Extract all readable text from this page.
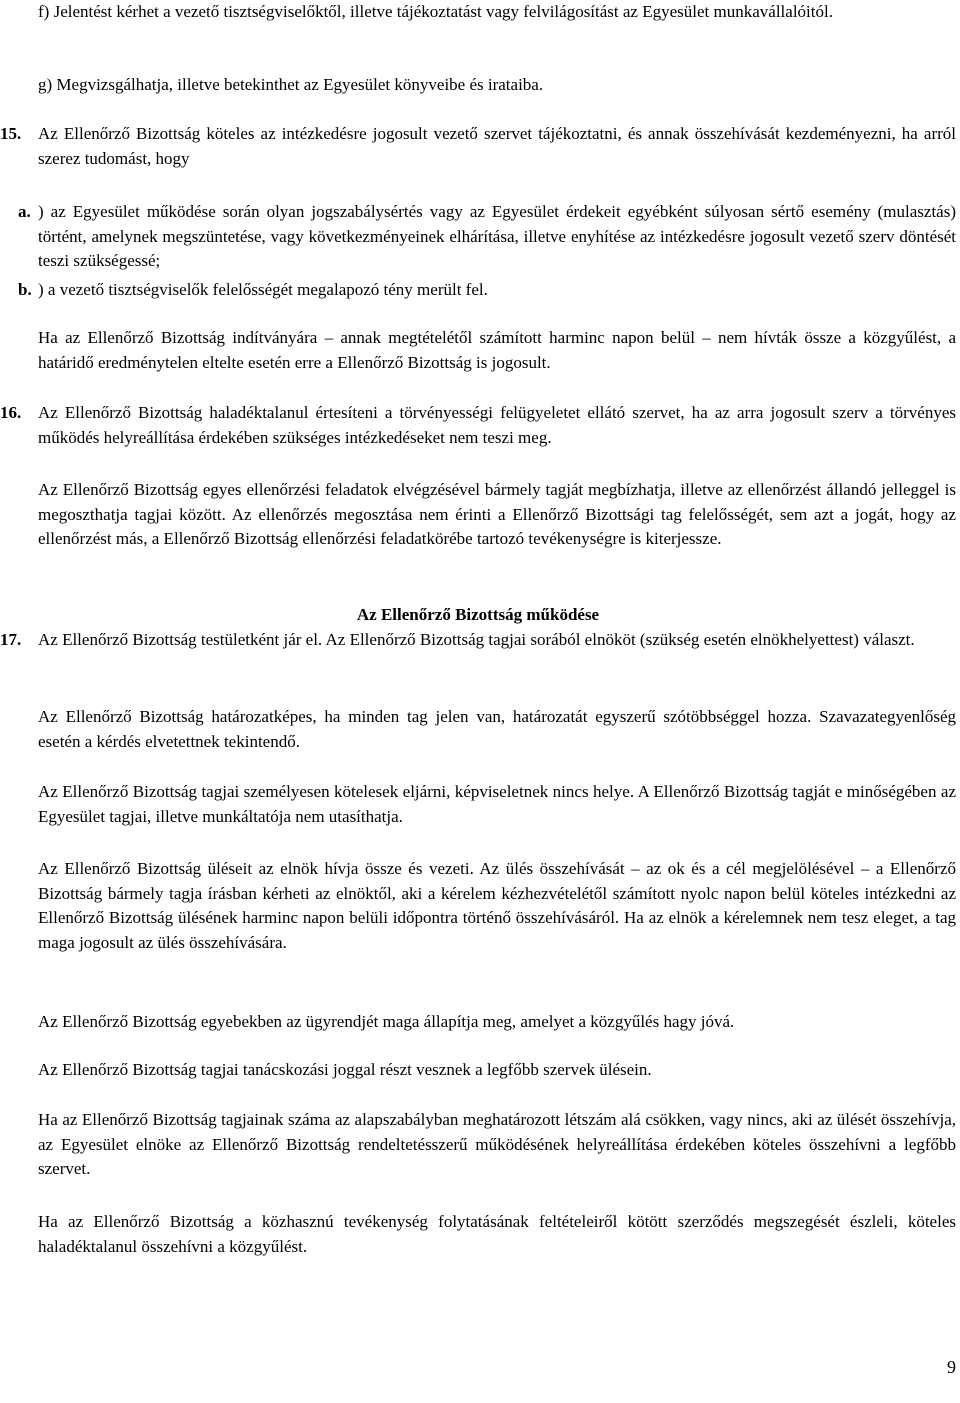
f) Jelentést kérhet a vezető tisztségviselőktől, illetve tájékoztatást vagy felvilágosítást az Egyesület munkavállalóitól.

g) Megvizsgálhatja, illetve betekinthet az Egyesület könyveibe és irataiba.

15. Az Ellenőrző Bizottság köteles az intézkedésre jogosult vezető szervet tájékoztatni, és annak összehívását kezdeményezni, ha arról szerez tudomást, hogy

a. ) az Egyesület működése során olyan jogszabálysértés vagy az Egyesület érdekeit egyébként súlyosan sértő esemény (mulasztás) történt, amelynek megszüntetése, vagy következményeinek elhárítása, illetve enyhítése az intézkedésre jogosult vezető szerv döntését teszi szükségessé;

b. ) a vezető tisztségviselők felelősségét megalapozó tény merült fel.

Ha az Ellenőrző Bizottság indítványára – annak megtételétől számított harminc napon belül – nem hívták össze a közgyűlést, a határidő eredménytelen eltelte esetén erre a Ellenőrző Bizottság is jogosult.

16. Az Ellenőrző Bizottság haladéktalanul értesíteni a törvényességi felügyeletet ellátó szervet, ha az arra jogosult szerv a törvényes működés helyreállítása érdekében szükséges intézkedéseket nem teszi meg.

Az Ellenőrző Bizottság egyes ellenőrzési feladatok elvégzésével bármely tagját megbízhatja, illetve az ellenőrzést állandó jelleggel is megoszthatja tagjai között. Az ellenőrzés megosztása nem érinti a Ellenőrző Bizottsági tag felelősségét, sem azt a jogát, hogy az ellenőrzést más, a Ellenőrző Bizottság ellenőrzési feladatkörébe tartozó tevékenységre is kiterjessze.

Az Ellenőrző Bizottság működése
17. Az Ellenőrző Bizottság testületként jár el. Az Ellenőrző Bizottság tagjai sorából elnököt (szükség esetén elnökhelyettest) választ.

Az Ellenőrző Bizottság határozatképes, ha minden tag jelen van, határozatát egyszerű szótöbbséggel hozza. Szavazategyenlőség esetén a kérdés elvetettnek tekintendő.

Az Ellenőrző Bizottság tagjai személyesen kötelesek eljárni, képviseletnek nincs helye. A Ellenőrző Bizottság tagját e minőségében az Egyesület tagjai, illetve munkáltatója nem utasíthatja.

Az Ellenőrző Bizottság üléseit az elnök hívja össze és vezeti. Az ülés összehívását – az ok és a cél megjelölésével – a Ellenőrző Bizottság bármely tagja írásban kérheti az elnöktől, aki a kérelem kézhezvételétől számított nyolc napon belül köteles intézkedni az Ellenőrző Bizottság ülésének harminc napon belüli időpontra történő összehívásáról. Ha az elnök a kérelemnek nem tesz eleget, a tag maga jogosult az ülés összehívására.

Az Ellenőrző Bizottság egyebekben az ügyrendjét maga állapítja meg, amelyet a közgyűlés hagy jóvá.

Az Ellenőrző Bizottság tagjai tanácskozási joggal részt vesznek a legfőbb szervek ülésein.

Ha az Ellenőrző Bizottság tagjainak száma az alapszabályban meghatározott létszám alá csökken, vagy nincs, aki az ülését összehívja, az Egyesület elnöke az Ellenőrző Bizottság rendeltetésszerű működésének helyreállítása érdekében köteles összehívni a legfőbb szervet.

Ha az Ellenőrző Bizottság a közhasznú tevékenység folytatásának feltételeiről kötött szerződés megszegését észleli, köteles haladéktalanul összehívni a közgyűlést.

9
